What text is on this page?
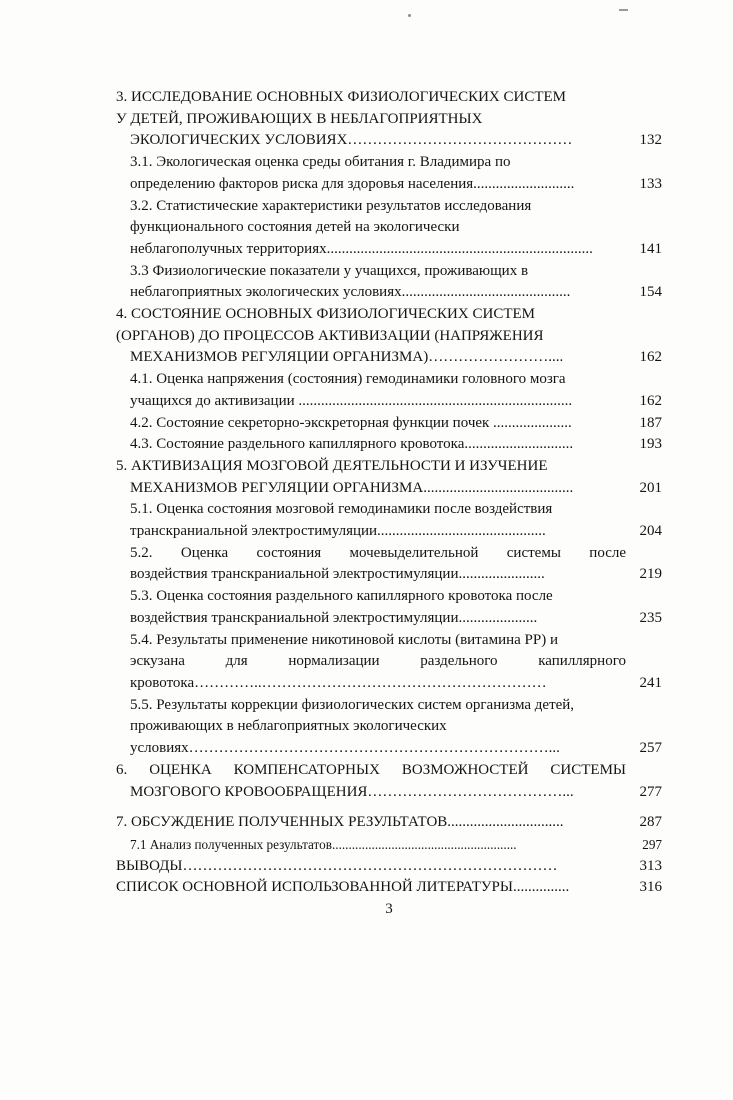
3. ИССЛЕДОВАНИЕ ОСНОВНЫХ ФИЗИОЛОГИЧЕСКИХ СИСТЕМ
У ДЕТЕЙ, ПРОЖИВАЮЩИХ В НЕБЛАГОПРИЯТНЫХ
ЭКОЛОГИЧЕСКИХ УСЛОВИЯХ………………………………………	132
3.1. Экологическая оценка среды обитания г. Владимира по
определению факторов риска для здоровья населения...........................	133
3.2. Статистические характеристики результатов исследования
функционального состояния детей на экологически
неблагополучных территориях.......................................................................	141
3.3 Физиологические показатели у учащихся, проживающих в
неблагоприятных экологических условиях.............................................	154
4. СОСТОЯНИЕ ОСНОВНЫХ ФИЗИОЛОГИЧЕСКИХ СИСТЕМ
(ОРГАНОВ) ДО ПРОЦЕССОВ АКТИВИЗАЦИИ (НАПРЯЖЕНИЯ
МЕХАНИЗМОВ РЕГУЛЯЦИИ ОРГАНИЗМА)……………………....	162
4.1. Оценка напряжения (состояния) гемодинамики головного мозга
учащихся до активизации .........................................................................	162
4.2. Состояние секреторно-экскреторная функции почек .....................	187
4.3. Состояние раздельного капиллярного кровотока.............................	193
5. АКТИВИЗАЦИЯ МОЗГОВОЙ ДЕЯТЕЛЬНОСТИ И ИЗУЧЕНИЕ
МЕХАНИЗМОВ РЕГУЛЯЦИИ ОРГАНИЗМА........................................	201
5.1. Оценка состояния мозговой гемодинамики после воздействия
транскраниальной электростимуляции.............................................	204
5.2. Оценка состояния мочевыделительной системы после
воздействия транскраниальной электростимуляции.......................	219
5.3. Оценка состояния раздельного капиллярного кровотока после
воздействия транскраниальной электростимуляции.....................	235
5.4. Результаты применение никотиновой кислоты (витамина РР) и
эскузана для нормализации раздельного капиллярного
кровотока…………..…………………………………………………	241
5.5. Результаты коррекции физиологических систем организма детей,
проживающих в неблагоприятных экологических
условиях………………………………………………………………...	257
6. ОЦЕНКА КОМПЕНСАТОРНЫХ ВОЗМОЖНОСТЕЙ СИСТЕМЫ
МОЗГОВОГО КРОВООБРАЩЕНИЯ…………………………………...	277
7. ОБСУЖДЕНИЕ ПОЛУЧЕННЫХ РЕЗУЛЬТАТОВ...............................	287
7.1 Анализ полученных результатов........................................................	297
ВЫВОДЫ…………………………………………………………………	313
СПИСОК ОСНОВНОЙ ИСПОЛЬЗОВАННОЙ ЛИТЕРАТУРЫ...............	316
3
